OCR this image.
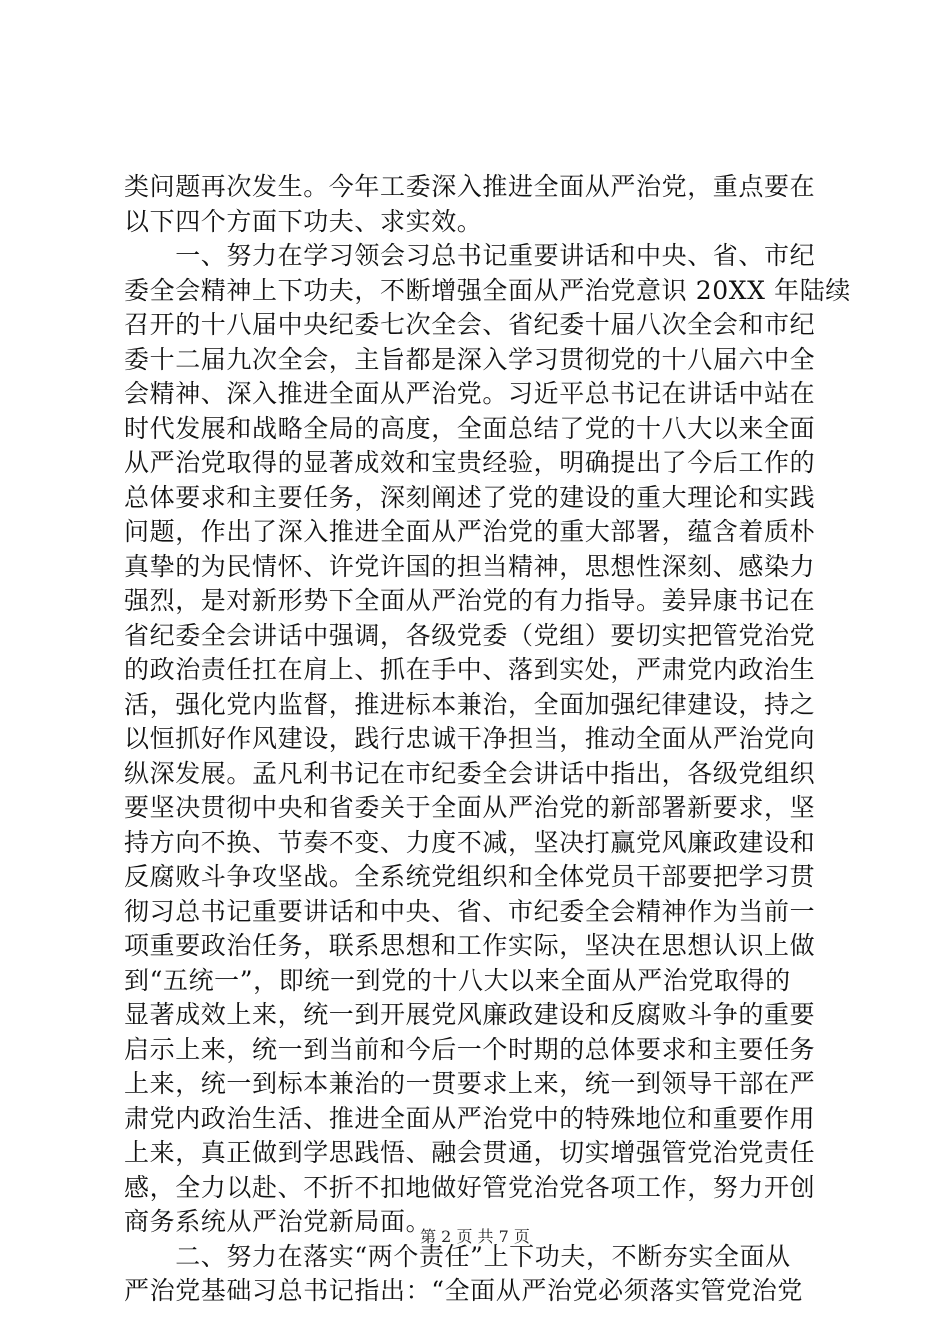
类问题再次发生。今年工委深入推进全面从严治党，重点要在
以下四个方面下功夫、求实效。
　　一、努力在学习领会习总书记重要讲话和中央、省、市纪
委全会精神上下功夫，不断增强全面从严治党意识 20XX 年陆续
召开的十八届中央纪委七次全会、省纪委十届八次全会和市纪
委十二届九次全会，主旨都是深入学习贯彻党的十八届六中全
会精神、深入推进全面从严治党。习近平总书记在讲话中站在
时代发展和战略全局的高度，全面总结了党的十八大以来全面
从严治党取得的显著成效和宝贵经验，明确提出了今后工作的
总体要求和主要任务，深刻阐述了党的建设的重大理论和实践
问题，作出了深入推进全面从严治党的重大部署，蕴含着质朴
真挚的为民情怀、许党许国的担当精神，思想性深刻、感染力
强烈，是对新形势下全面从严治党的有力指导。姜异康书记在
省纪委全会讲话中强调，各级党委（党组）要切实把管党治党
的政治责任扛在肩上、抓在手中、落到实处，严肃党内政治生
活，强化党内监督，推进标本兼治，全面加强纪律建设，持之
以恒抓好作风建设，践行忠诚干净担当，推动全面从严治党向
纵深发展。孟凡利书记在市纪委全会讲话中指出，各级党组织
要坚决贯彻中央和省委关于全面从严治党的新部署新要求，坚
持方向不换、节奏不变、力度不减，坚决打赢党风廉政建设和
反腐败斗争攻坚战。全系统党组织和全体党员干部要把学习贯
彻习总书记重要讲话和中央、省、市纪委全会精神作为当前一
项重要政治任务，联系思想和工作实际，坚决在思想认识上做
到“五统一”，即统一到党的十八大以来全面从严治党取得的
显著成效上来，统一到开展党风廉政建设和反腐败斗争的重要
启示上来，统一到当前和今后一个时期的总体要求和主要任务
上来，统一到标本兼治的一贯要求上来，统一到领导干部在严
肃党内政治生活、推进全面从严治党中的特殊地位和重要作用
上来，真正做到学思践悟、融会贯通，切实增强管党治党责任
感，全力以赴、不折不扣地做好管党治党各项工作，努力开创
商务系统从严治党新局面。
　　二、努力在落实“两个责任”上下功夫，不断夯实全面从
严治党基础习总书记指出：“全面从严治党必须落实管党治党
第 2 页 共 7 页
